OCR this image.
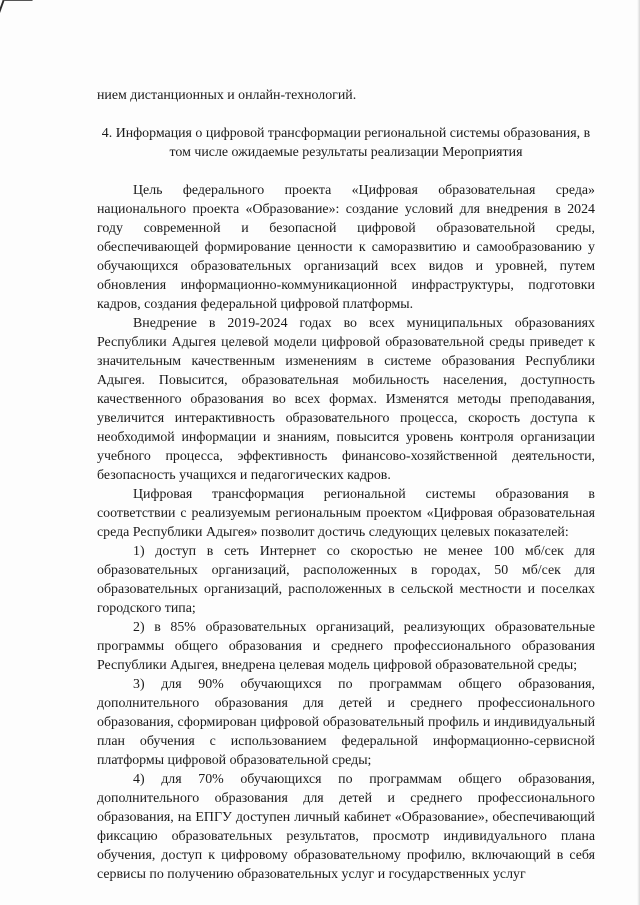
нием дистанционных и онлайн-технологий.

4. Информация о цифровой трансформации региональной системы образования, в том числе ожидаемые результаты реализации Мероприятия

Цель федерального проекта «Цифровая образовательная среда» национального проекта «Образование»: создание условий для внедрения в 2024 году современной и безопасной цифровой образовательной среды, обеспечивающей формирование ценности к саморазвитию и самообразованию у обучающихся образовательных организаций всех видов и уровней, путем обновления информационно-коммуникационной инфраструктуры, подготовки кадров, создания федеральной цифровой платформы.

Внедрение в 2019-2024 годах во всех муниципальных образованиях Республики Адыгея целевой модели цифровой образовательной среды приведет к значительным качественным изменениям в системе образования Республики Адыгея. Повысится, образовательная мобильность населения, доступность качественного образования во всех формах. Изменятся методы преподавания, увеличится интерактивность образовательного процесса, скорость доступа к необходимой информации и знаниям, повысится уровень контроля организации учебного процесса, эффективность финансово-хозяйственной деятельности, безопасность учащихся и педагогических кадров.

Цифровая трансформация региональной системы образования в соответствии с реализуемым региональным проектом «Цифровая образовательная среда Республики Адыгея» позволит достичь следующих целевых показателей:

1) доступ в сеть Интернет со скоростью не менее 100 мб/сек для образовательных организаций, расположенных в городах, 50 мб/сек для образовательных организаций, расположенных в сельской местности и поселках городского типа;

2) в 85% образовательных организаций, реализующих образовательные программы общего образования и среднего профессионального образования Республики Адыгея, внедрена целевая модель цифровой образовательной среды;

3) для 90% обучающихся по программам общего образования, дополнительного образования для детей и среднего профессионального образования, сформирован цифровой образовательный профиль и индивидуальный план обучения с использованием федеральной информационно-сервисной платформы цифровой образовательной среды;

4) для 70% обучающихся по программам общего образования, дополнительного образования для детей и среднего профессионального образования, на ЕПГУ доступен личный кабинет «Образование», обеспечивающий фиксацию образовательных результатов, просмотр индивидуального плана обучения, доступ к цифровому образовательному профилю, включающий в себя сервисы по получению образовательных услуг и государственных услуг
